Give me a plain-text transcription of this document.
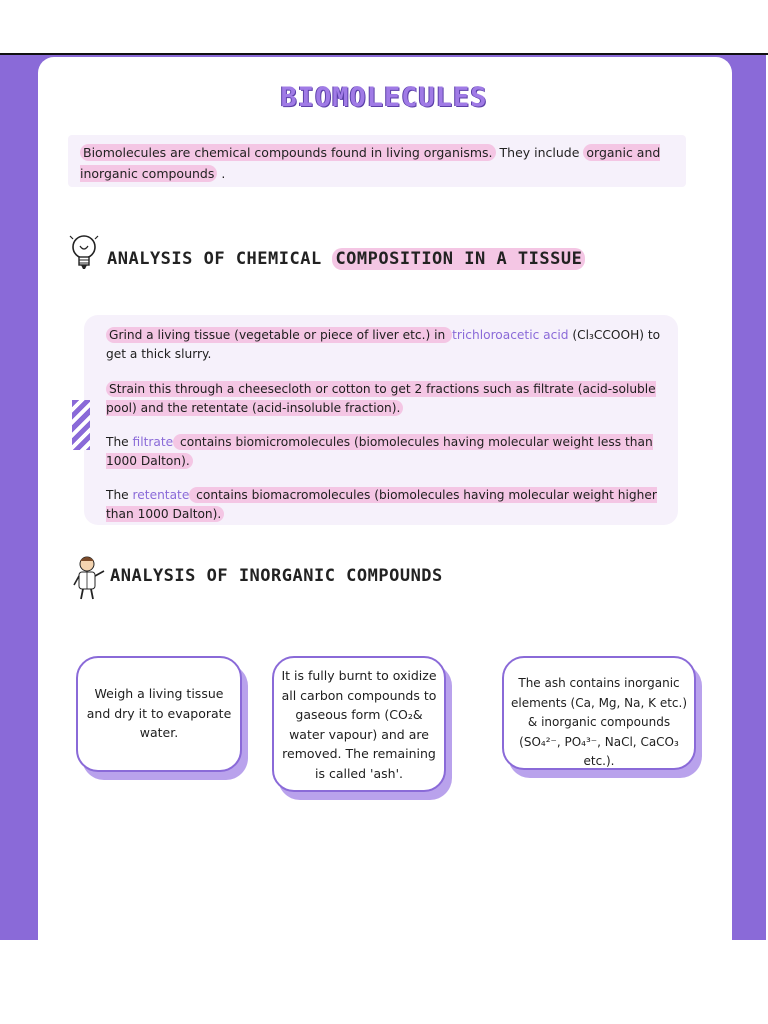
BIOMOLECULES
Biomolecules are chemical compounds found in living organisms. They include organic and inorganic compounds .
ANALYSIS OF CHEMICAL COMPOSITION IN A TISSUE
Grind a living tissue (vegetable or piece of liver etc.) in trichloroacetic acid (Cl₃CCOOH) to get a thick slurry.
Strain this through a cheesecloth or cotton to get 2 fractions such as filtrate (acid-soluble pool) and the retentate (acid-insoluble fraction).
The filtrate contains biomicromolecules (biomolecules having molecular weight less than 1000 Dalton).
The retentate contains biomacromolecules (biomolecules having molecular weight higher than 1000 Dalton).
ANALYSIS OF INORGANIC COMPOUNDS
Weigh a living tissue and dry it to evaporate water.
It is fully burnt to oxidize all carbon compounds to gaseous form (CO₂& water vapour) and are removed. The remaining is called 'ash'.
The ash contains inorganic elements (Ca, Mg, Na, K etc.) & inorganic compounds (SO₄²⁻, PO₄³⁻, NaCl, CaCO₃ etc.).
